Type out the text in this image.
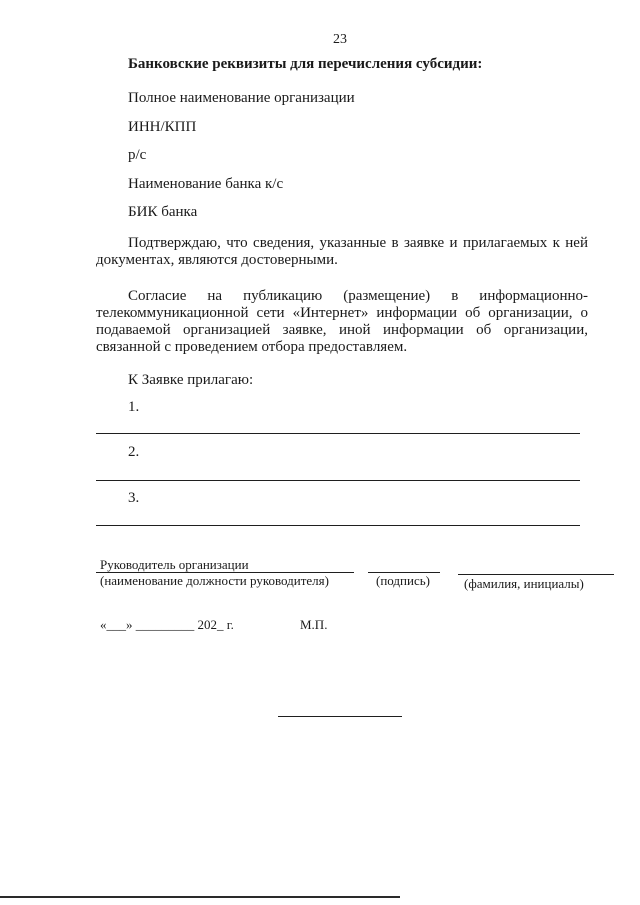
23
Банковские реквизиты для перечисления субсидии:
Полное наименование организации
ИНН/КПП
р/с
Наименование банка к/с
БИК банка
Подтверждаю, что сведения, указанные в заявке и прилагаемых к ней документах, являются достоверными.
Согласие на публикацию (размещение) в информационно-телекоммуникационной сети «Интернет» информации об организации, о подаваемой организацией заявке, иной информации об организации, связанной с проведением отбора предоставляем.
К Заявке прилагаю:
1.
2.
3.
Руководитель организации
(наименование должности руководителя)	(подпись)	(фамилия, инициалы)
«___» _________ 202_ г.	М.П.
